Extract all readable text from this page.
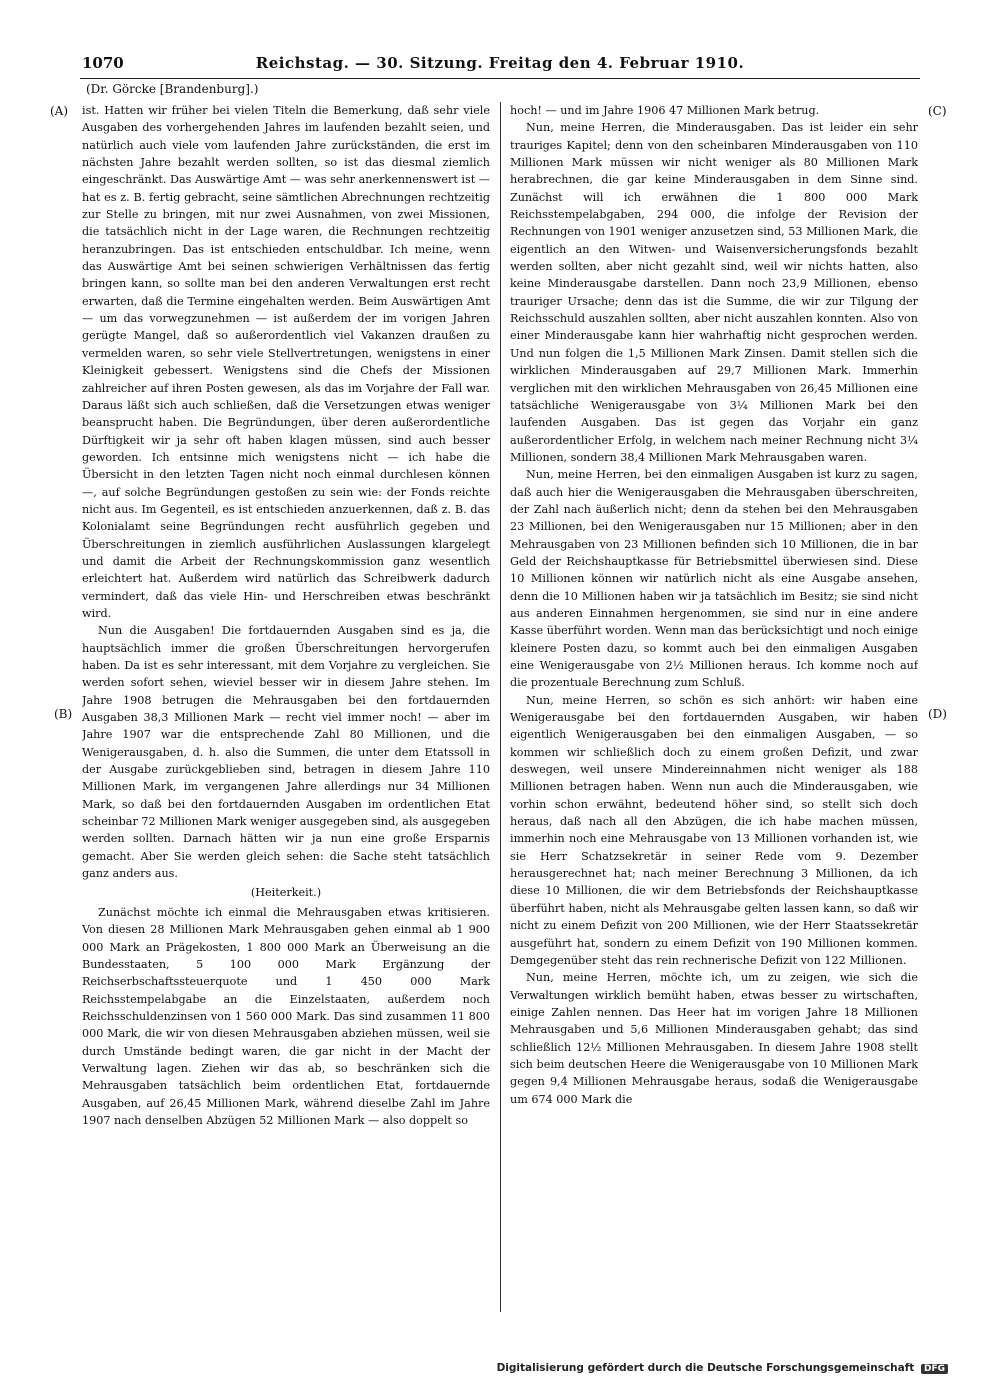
1070	Reichstag. — 30. Sitzung. Freitag den 4. Februar 1910.
(Dr. Görcke [Brandenburg].)
(A)
(B)
(C)
(D)

ist. Hatten wir früher bei vielen Titeln die Bemerkung, daß sehr viele Ausgaben des vorhergehenden Jahres im laufenden bezahlt seien, und natürlich auch viele vom laufenden Jahre zurückständen, die erst im nächsten Jahre bezahlt werden sollten, so ist das diesmal ziemlich eingeschränkt. Das Auswärtige Amt — was sehr anerkennenswert ist — hat es z. B. fertig gebracht, seine sämtlichen Abrechnungen rechtzeitig zur Stelle zu bringen, mit nur zwei Ausnahmen, von zwei Missionen, die tatsächlich nicht in der Lage waren, die Rechnungen rechtzeitig heranzubringen. Das ist entschieden entschuldbar. Ich meine, wenn das Auswärtige Amt bei seinen schwierigen Verhältnissen das fertig bringen kann, so sollte man bei den anderen Verwaltungen erst recht erwarten, daß die Termine eingehalten werden. Beim Auswärtigen Amt — um das vorwegzunehmen — ist außerdem der im vorigen Jahren gerügte Mangel, daß so außerordentlich viel Vakanzen draußen zu vermelden waren, so sehr viele Stellvertretungen, wenigstens in einer Kleinigkeit gebessert. Wenigstens sind die Chefs der Missionen zahlreicher auf ihren Posten gewesen, als das im Vorjahre der Fall war. Daraus läßt sich auch schließen, daß die Versetzungen etwas weniger beansprucht haben. Die Begründungen, über deren außerordentliche Dürftigkeit wir ja sehr oft haben klagen müssen, sind auch besser geworden. Ich entsinne mich wenigstens nicht — ich habe die Übersicht in den letzten Tagen nicht noch einmal durchlesen können —, auf solche Begründungen gestoßen zu sein wie: der Fonds reichte nicht aus. Im Gegenteil, es ist entschieden anzuerkennen, daß z. B. das Kolonialamt seine Begründungen recht ausführlich gegeben und Überschreitungen in ziemlich ausführlichen Auslassungen klargelegt und damit die Arbeit der Rechnungskommission ganz wesentlich erleichtert hat. Außerdem wird natürlich das Schreibwerk dadurch vermindert, daß das viele Hin- und Herschreiben etwas beschränkt wird.

Nun die Ausgaben! Die fortdauernden Ausgaben sind es ja, die hauptsächlich immer die großen Überschreitungen hervorgerufen haben. Da ist es sehr interessant, mit dem Vorjahre zu vergleichen. Sie werden sofort sehen, wieviel besser wir in diesem Jahre stehen. Im Jahre 1908 betrugen die Mehrausgaben bei den fortdauernden Ausgaben 38,3 Millionen Mark — recht viel immer noch! — aber im Jahre 1907 war die entsprechende Zahl 80 Millionen, und die Wenigerausgaben, d. h. also die Summen, die unter dem Etatssoll in der Ausgabe zurückgeblieben sind, betragen in diesem Jahre 110 Millionen Mark, im vergangenen Jahre allerdings nur 34 Millionen Mark, so daß bei den fortdauernden Ausgaben im ordentlichen Etat scheinbar 72 Millionen Mark weniger ausgegeben sind, als ausgegeben werden sollten. Darnach hätten wir ja nun eine große Ersparnis gemacht. Aber Sie werden gleich sehen: die Sache steht tatsächlich ganz anders aus.

(Heiterkeit.)

Zunächst möchte ich einmal die Mehrausgaben etwas kritisieren. Von diesen 28 Millionen Mark Mehrausgaben gehen einmal ab 1 900 000 Mark an Prägekosten, 1 800 000 Mark an Überweisung an die Bundesstaaten, 5 100 000 Mark Ergänzung der Reichserbschaftssteuerquote und 1 450 000 Mark Reichsstempelabgabe an die Einzelstaaten, außerdem noch Reichsschuldenzinsen von 1 560 000 Mark. Das sind zusammen 11 800 000 Mark, die wir von diesen Mehrausgaben abziehen müssen, weil sie durch Umstände bedingt waren, die gar nicht in der Macht der Verwaltung lagen. Ziehen wir das ab, so beschränken sich die Mehrausgaben tatsächlich beim ordentlichen Etat, fortdauernde Ausgaben, auf 26,45 Millionen Mark, während dieselbe Zahl im Jahre 1907 nach denselben Abzügen 52 Millionen Mark — also doppelt so

hoch! — und im Jahre 1906 47 Millionen Mark betrug.

Nun, meine Herren, die Minderausgaben. Das ist leider ein sehr trauriges Kapitel; denn von den scheinbaren Minderausgaben von 110 Millionen Mark müssen wir nicht weniger als 80 Millionen Mark herabrechnen, die gar keine Minderausgaben in dem Sinne sind. Zunächst will ich erwähnen die 1 800 000 Mark Reichsstempelabgaben, 294 000, die infolge der Revision der Rechnungen von 1901 weniger anzusetzen sind, 53 Millionen Mark, die eigentlich an den Witwen- und Waisenversicherungsfonds bezahlt werden sollten, aber nicht gezahlt sind, weil wir nichts hatten, also keine Minderausgabe darstellen. Dann noch 23,9 Millionen, ebenso trauriger Ursache; denn das ist die Summe, die wir zur Tilgung der Reichsschuld auszahlen sollten, aber nicht auszahlen konnten. Also von einer Minderausgabe kann hier wahrhaftig nicht gesprochen werden. Und nun folgen die 1,5 Millionen Mark Zinsen. Damit stellen sich die wirklichen Minderausgaben auf 29,7 Millionen Mark. Immerhin verglichen mit den wirklichen Mehrausgaben von 26,45 Millionen eine tatsächliche Wenigerausgabe von 3¼ Millionen Mark bei den laufenden Ausgaben. Das ist gegen das Vorjahr ein ganz außerordentlicher Erfolg, in welchem nach meiner Rechnung nicht 3¼ Millionen, sondern 38,4 Millionen Mark Mehrausgaben waren.

Nun, meine Herren, bei den einmaligen Ausgaben ist kurz zu sagen, daß auch hier die Wenigerausgaben die Mehrausgaben überschreiten, der Zahl nach äußerlich nicht; denn da stehen bei den Mehrausgaben 23 Millionen, bei den Wenigerausgaben nur 15 Millionen; aber in den Mehrausgaben von 23 Millionen befinden sich 10 Millionen, die in bar Geld der Reichshauptkasse für Betriebsmittel überwiesen sind. Diese 10 Millionen können wir natürlich nicht als eine Ausgabe ansehen, denn die 10 Millionen haben wir ja tatsächlich im Besitz; sie sind nicht aus anderen Einnahmen hergenommen, sie sind nur in eine andere Kasse überführt worden. Wenn man das berücksichtigt und noch einige kleinere Posten dazu, so kommt auch bei den einmaligen Ausgaben eine Wenigerausgabe von 2½ Millionen heraus. Ich komme noch auf die prozentuale Berechnung zum Schluß.

Nun, meine Herren, so schön es sich anhört: wir haben eine Wenigerausgabe bei den fortdauernden Ausgaben, wir haben eigentlich Wenigerausgaben bei den einmaligen Ausgaben, — so kommen wir schließlich doch zu einem großen Defizit, und zwar deswegen, weil unsere Mindereinnahmen nicht weniger als 188 Millionen betragen haben. Wenn nun auch die Minderausgaben, wie vorhin schon erwähnt, bedeutend höher sind, so stellt sich doch heraus, daß nach all den Abzügen, die ich habe machen müssen, immerhin noch eine Mehrausgabe von 13 Millionen vorhanden ist, wie sie Herr Schatzsekretär in seiner Rede vom 9. Dezember herausgerechnet hat; nach meiner Berechnung 3 Millionen, da ich diese 10 Millionen, die wir dem Betriebsfonds der Reichshauptkasse überführt haben, nicht als Mehrausgabe gelten lassen kann, so daß wir nicht zu einem Defizit von 200 Millionen, wie der Herr Staatssekretär ausgeführt hat, sondern zu einem Defizit von 190 Millionen kommen. Demgegenüber steht das rein rechnerische Defizit von 122 Millionen.

Nun, meine Herren, möchte ich, um zu zeigen, wie sich die Verwaltungen wirklich bemüht haben, etwas besser zu wirtschaften, einige Zahlen nennen. Das Heer hat im vorigen Jahre 18 Millionen Mehrausgaben und 5,6 Millionen Minderausgaben gehabt; das sind schließlich 12½ Millionen Mehrausgaben. In diesem Jahre 1908 stellt sich beim deutschen Heere die Wenigerausgabe von 10 Millionen Mark gegen 9,4 Millionen Mehrausgabe heraus, sodaß die Wenigerausgabe um 674 000 Mark die

Digitalisierung gefördert durch die Deutsche Forschungsgemeinschaft DFG
